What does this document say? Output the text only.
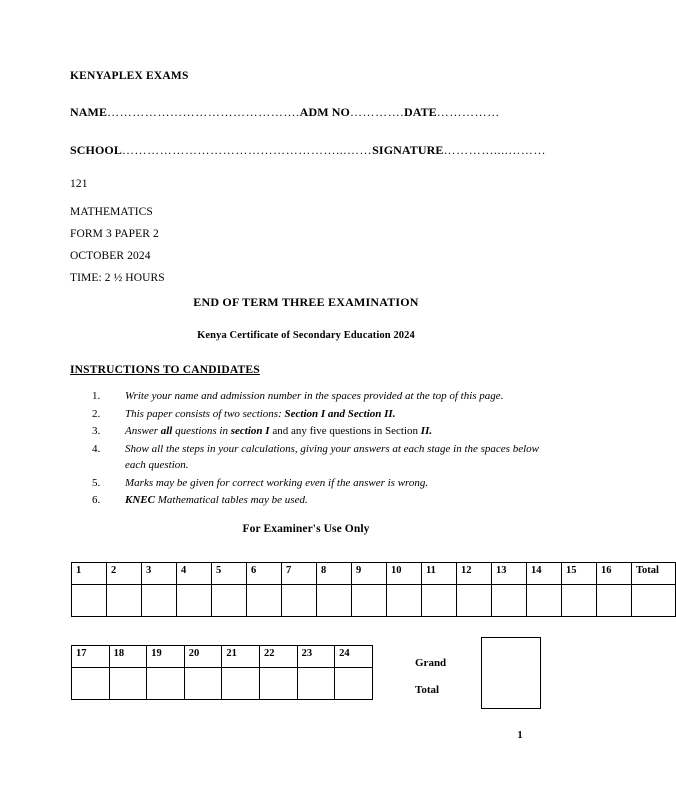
KENYAPLEX EXAMS
NAME……………………………………….ADM NO………….DATE……………
SCHOOL……………………………………………...……SIGNATURE…………....………
121
MATHEMATICS
FORM 3 PAPER 2
OCTOBER 2024
TIME: 2 ½ HOURS
END OF TERM THREE EXAMINATION
Kenya Certificate of Secondary Education 2024
INSTRUCTIONS TO CANDIDATES
1.	Write your name and admission number in the spaces provided at the top of this page.
2.	This paper consists of two sections: Section I and Section II.
3.	Answer all questions in section I and any five questions in Section II.
4.	Show all the steps in your calculations, giving your answers at each stage in the spaces below each question.
5.	Marks may be given for correct working even if the answer is wrong.
6.	KNEC Mathematical tables may be used.
For Examiner's Use Only
1	2	3	4	5	6	7	8	9	10	11	12	13	14	15	16	Total

17	18	19	20	21	22	23	24

Grand
Total
1
